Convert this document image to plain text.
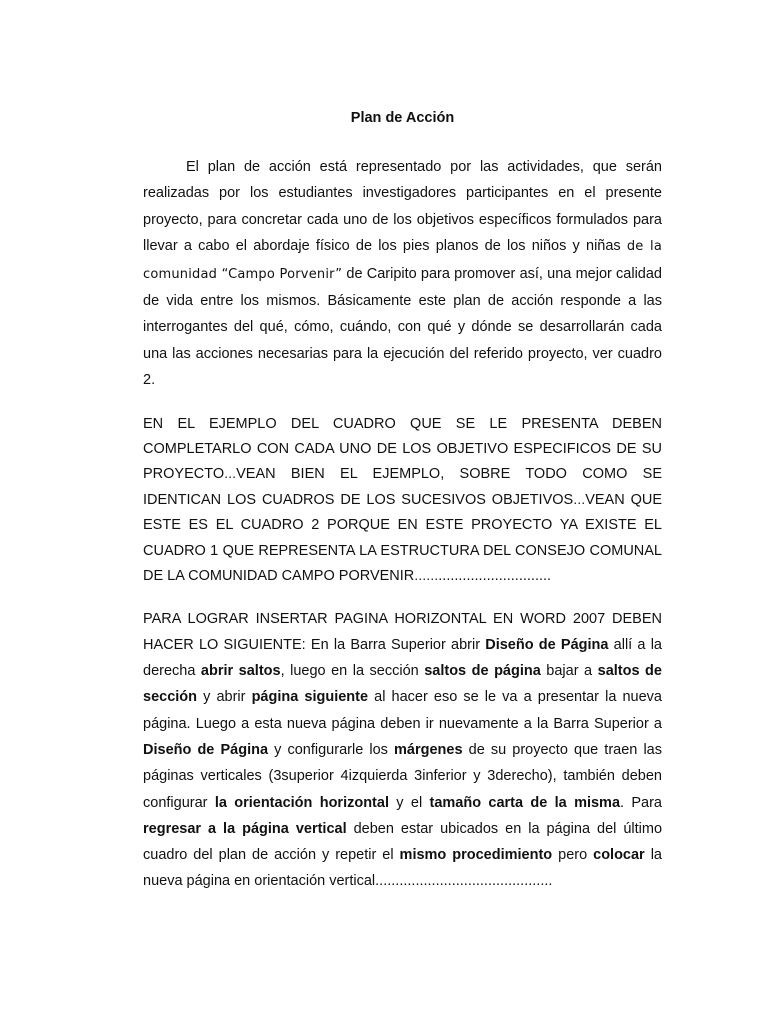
Plan de Acción

El plan de acción está representado por las actividades, que serán realizadas por los estudiantes investigadores participantes en el presente proyecto, para concretar cada uno de los objetivos específicos formulados para llevar a cabo el abordaje físico de los pies planos de los niños y niñas de la comunidad “Campo Porvenir” de Caripito para promover así, una mejor calidad de vida entre los mismos. Básicamente este plan de acción responde a las interrogantes del qué, cómo, cuándo, con qué y dónde se desarrollarán cada una las acciones necesarias para la ejecución del referido proyecto, ver cuadro 2.

EN EL EJEMPLO DEL CUADRO QUE SE LE PRESENTA DEBEN COMPLETARLO CON CADA UNO DE LOS OBJETIVO ESPECIFICOS DE SU PROYECTO…VEAN BIEN EL EJEMPLO, SOBRE TODO COMO SE IDENTICAN LOS CUADROS DE LOS SUCESIVOS OBJETIVOS…VEAN QUE ESTE ES EL CUADRO 2 PORQUE EN ESTE PROYECTO YA EXISTE EL CUADRO 1 QUE REPRESENTA LA ESTRUCTURA DEL CONSEJO COMUNAL DE LA COMUNIDAD CAMPO PORVENIR……............................

PARA LOGRAR INSERTAR PAGINA HORIZONTAL EN WORD 2007 DEBEN HACER LO SIGUIENTE: En la Barra Superior abrir Diseño de Página allí a la derecha abrir saltos, luego en la sección saltos de página bajar a saltos de sección y abrir página siguiente al hacer eso se le va a presentar la nueva página. Luego a esta nueva página deben ir nuevamente a la Barra Superior a Diseño de Página y configurarle los márgenes de su proyecto que traen las páginas verticales (3superior 4izquierda 3inferior y 3derecho), también deben configurar la orientación horizontal y el tamaño carta de la misma. Para regresar a la página vertical deben estar ubicados en la página del último cuadro del plan de acción y repetir el mismo procedimiento pero colocar la nueva página en orientación vertical............................................
